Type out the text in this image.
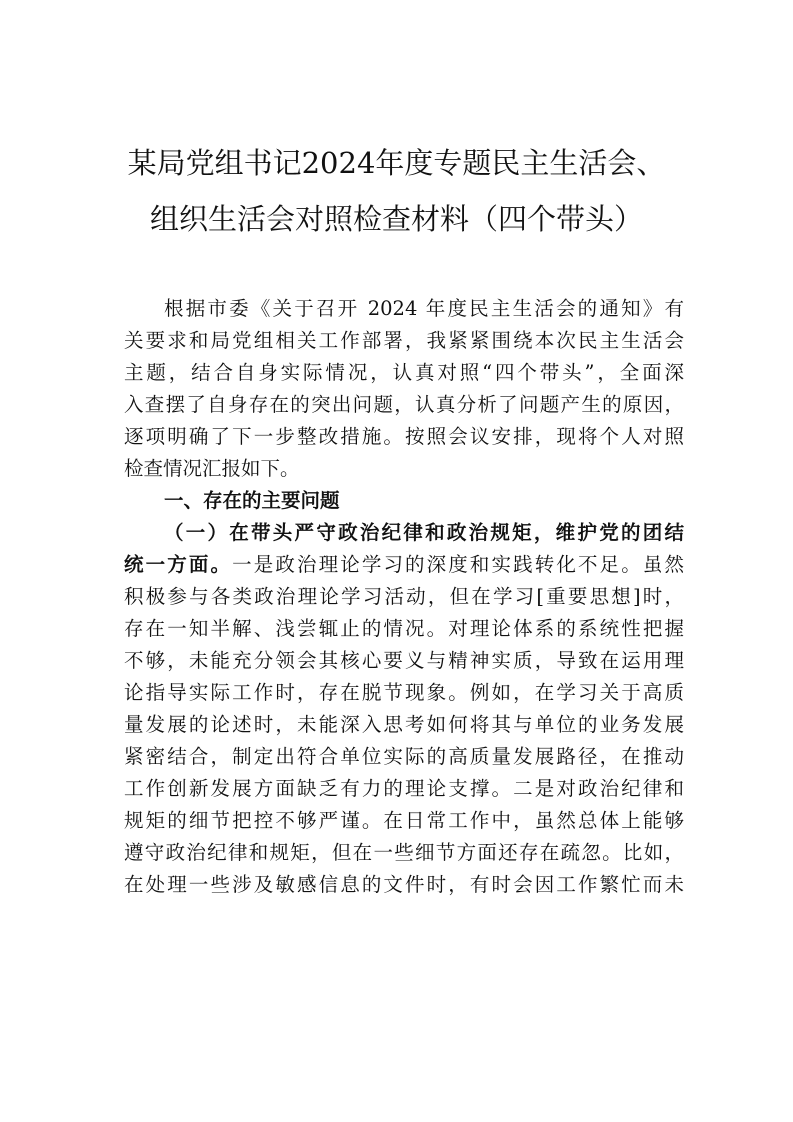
某局党组书记2024年度专题民主生活会、
组织生活会对照检查材料（四个带头）
根据市委《关于召开 2024 年度民主生活会的通知》有
关要求和局党组相关工作部署，我紧紧围绕本次民主生活会
主题，结合自身实际情况，认真对照“四个带头”，全面深
入查摆了自身存在的突出问题，认真分析了问题产生的原因，
逐项明确了下一步整改措施。按照会议安排，现将个人对照
检查情况汇报如下。
一、存在的主要问题
（一）在带头严守政治纪律和政治规矩，维护党的团结
统一方面。一是政治理论学习的深度和实践转化不足。虽然
积极参与各类政治理论学习活动，但在学习[重要思想]时，
存在一知半解、浅尝辄止的情况。对理论体系的系统性把握
不够，未能充分领会其核心要义与精神实质，导致在运用理
论指导实际工作时，存在脱节现象。例如，在学习关于高质
量发展的论述时，未能深入思考如何将其与单位的业务发展
紧密结合，制定出符合单位实际的高质量发展路径，在推动
工作创新发展方面缺乏有力的理论支撑。二是对政治纪律和
规矩的细节把控不够严谨。在日常工作中，虽然总体上能够
遵守政治纪律和规矩，但在一些细节方面还存在疏忽。比如，
在处理一些涉及敏感信息的文件时，有时会因工作繁忙而未
